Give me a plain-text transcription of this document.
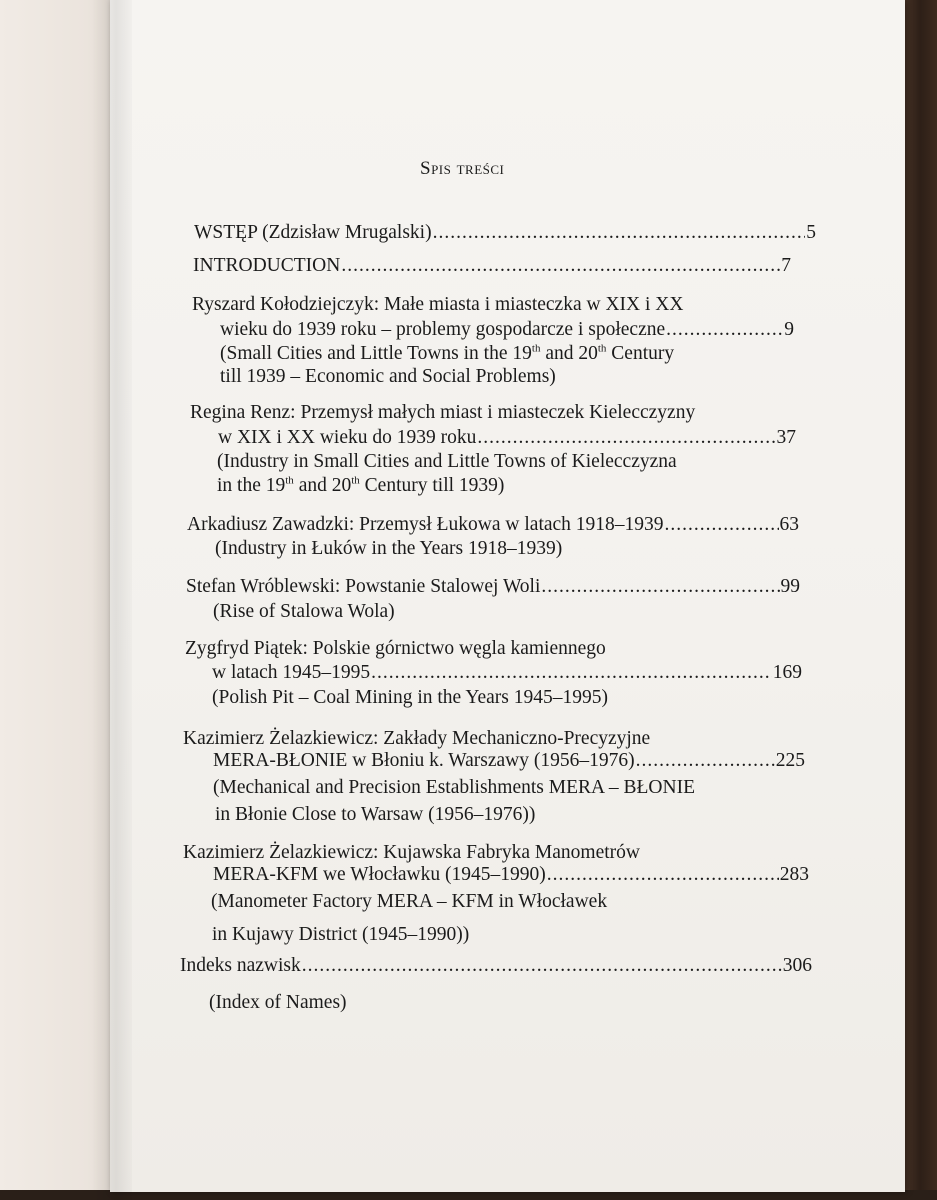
Spis treści
WSTĘP (Zdzisław Mrugalski) .....	5
INTRODUCTION .....	7
Ryszard Kołodziejczyk: Małe miasta i miasteczka w XIX i XX
wieku do 1939 roku – problemy gospodarcze i społeczne .....	9
(Small Cities and Little Towns in the 19th and 20th Century
till 1939 – Economic and Social Problems)
Regina Renz: Przemysł małych miast i miasteczek Kielecczyzny
w XIX i XX wieku do 1939 roku .....	37
(Industry in Small Cities and Little Towns of Kielecczyzna
in the 19th and 20th Century till 1939)
Arkadiusz Zawadzki: Przemysł Łukowa w latach 1918–1939 .....	63
(Industry in Łuków in the Years 1918–1939)
Stefan Wróblewski: Powstanie Stalowej Woli .....	99
(Rise of Stalowa Wola)
Zygfryd Piątek: Polskie górnictwo węgla kamiennego
w latach 1945–1995 .....	169
(Polish Pit – Coal Mining in the Years 1945–1995)
Kazimierz Żelazkiewicz: Zakłady Mechaniczno-Precyzyjne
MERA-BŁONIE w Błoniu k. Warszawy (1956–1976) .....	225
(Mechanical and Precision Establishments MERA – BŁONIE
in Błonie Close to Warsaw (1956–1976))
Kazimierz Żelazkiewicz: Kujawska Fabryka Manometrów
MERA-KFM we Włocławku (1945–1990) .....	283
(Manometer Factory MERA – KFM in Włocławek
in Kujawy District (1945–1990))
Indeks nazwisk .....	306
(Index of Names)
